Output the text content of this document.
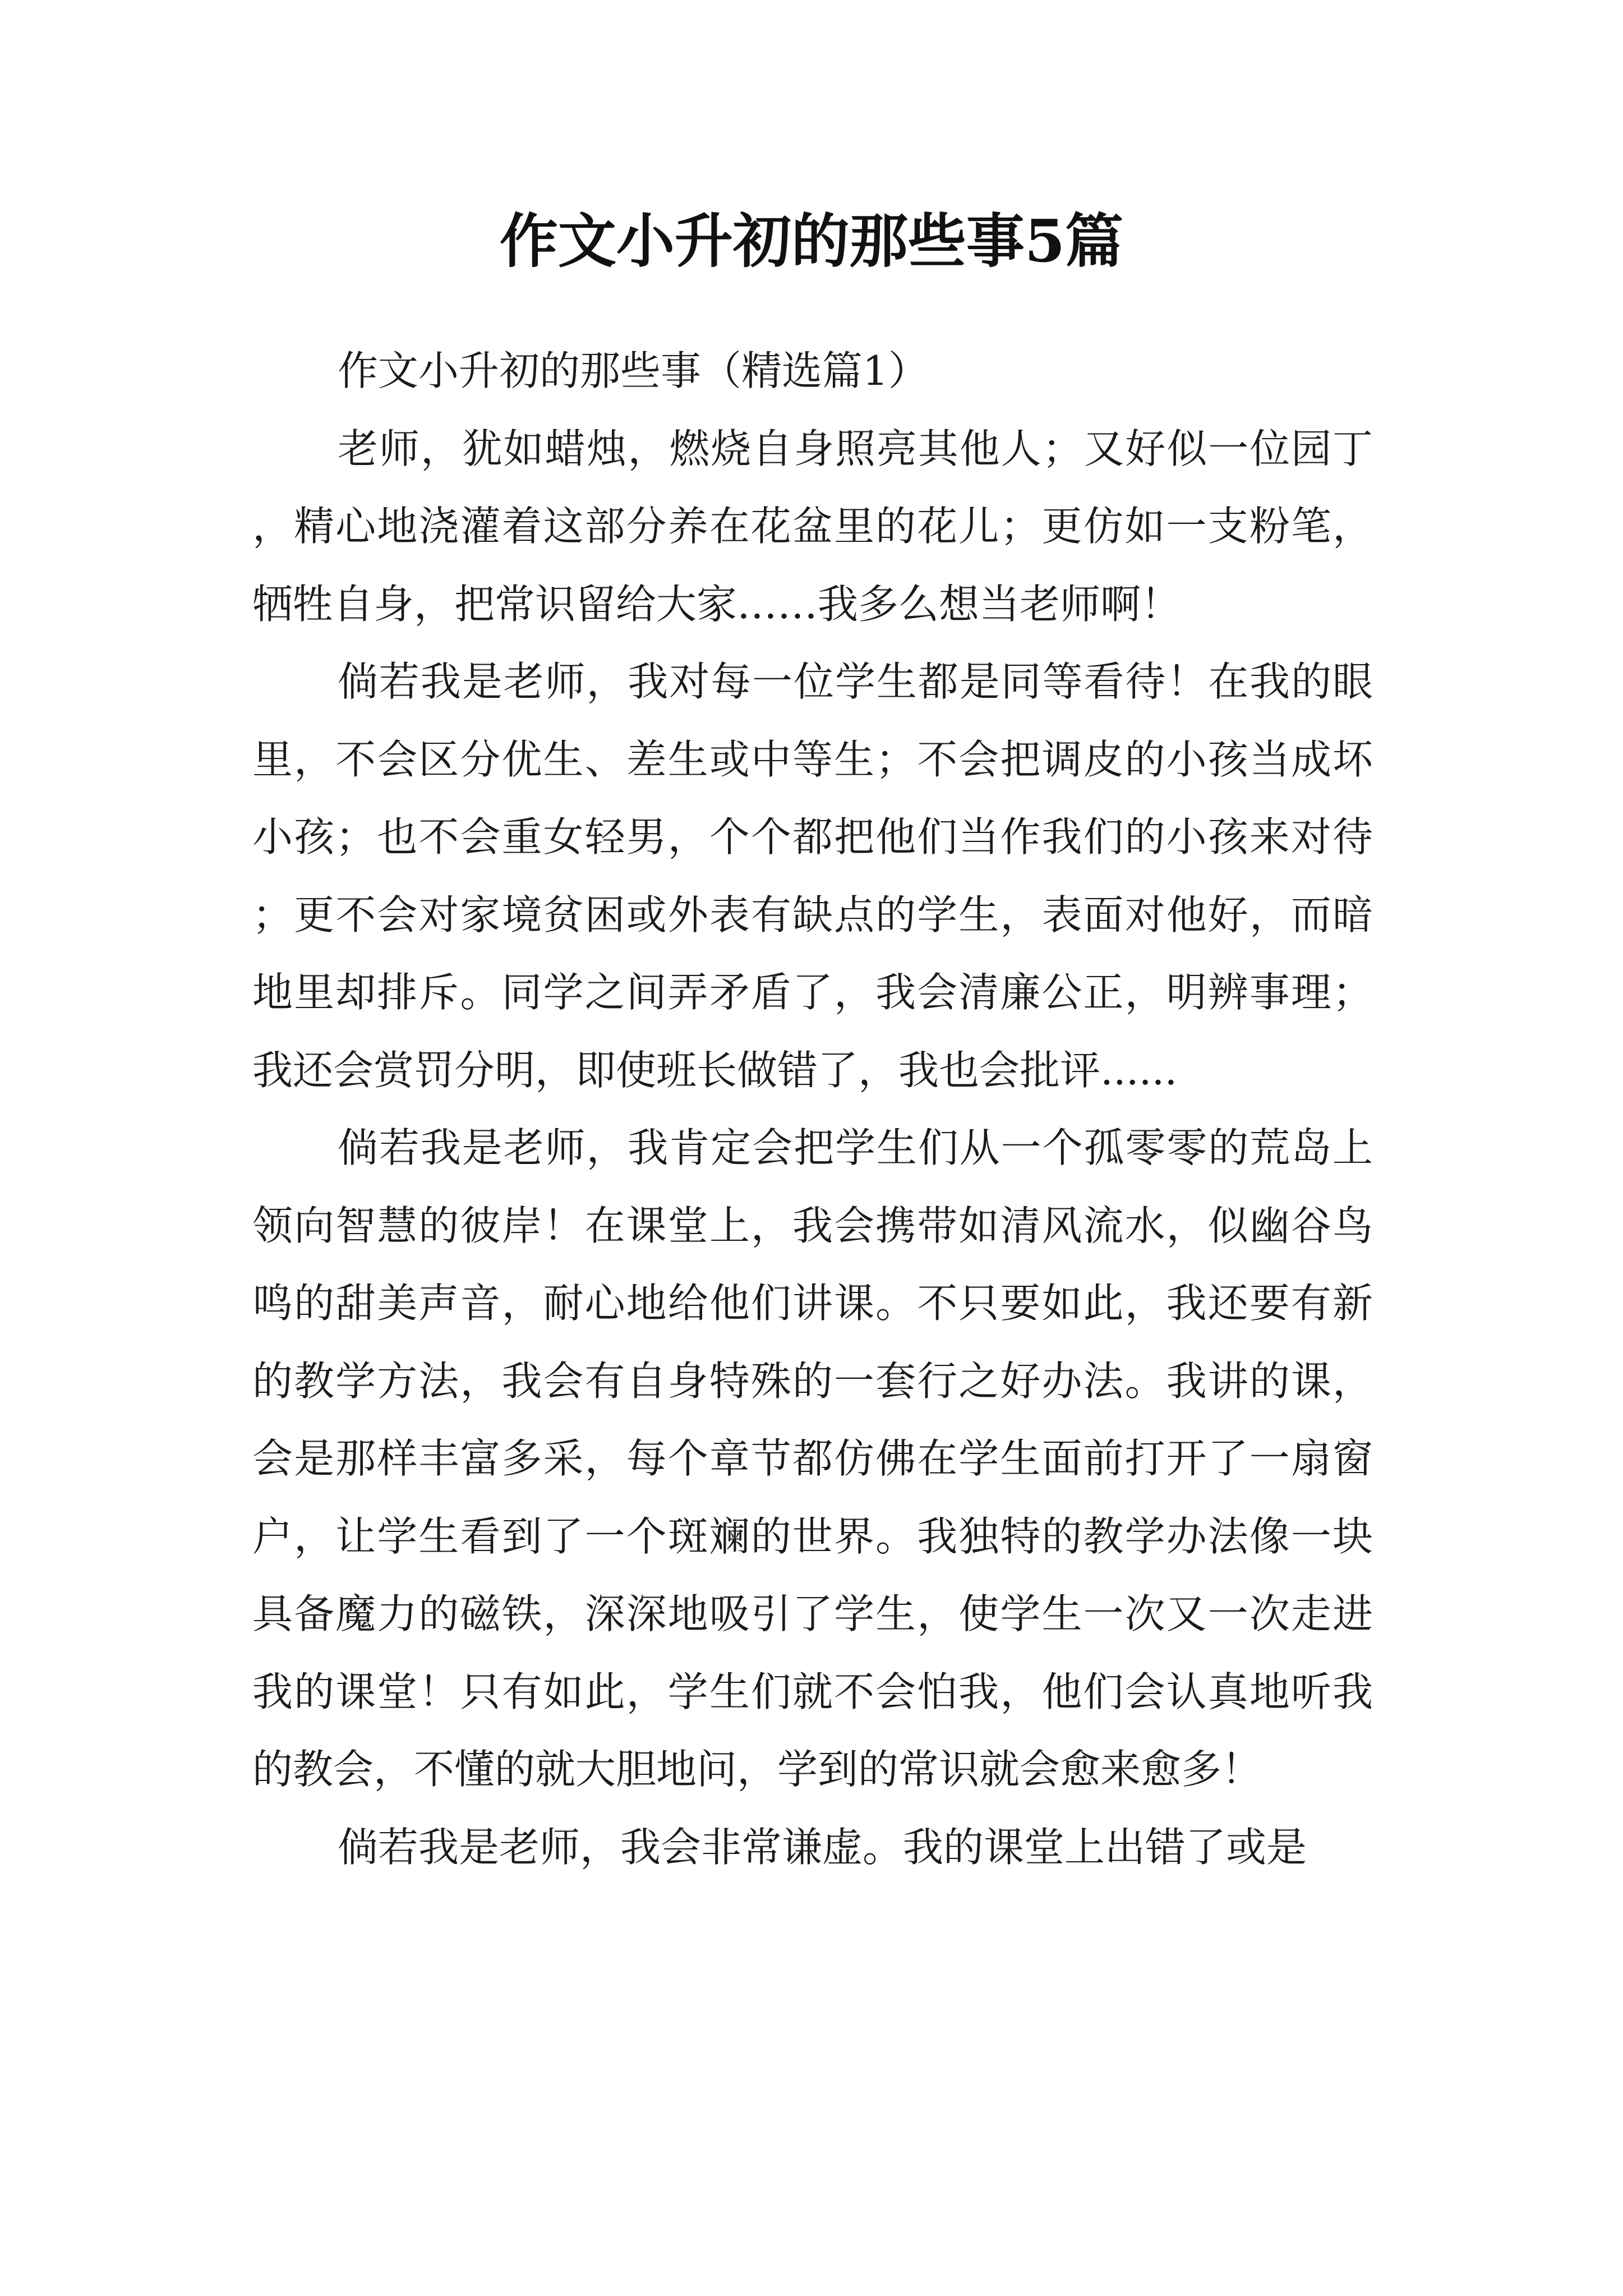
作文小升初的那些事5篇

作文小升初的那些事（精选篇1）

老师，犹如蜡烛，燃烧自身照亮其他人；又好似一位园丁，精心地浇灌着这部分养在花盆里的花儿；更仿如一支粉笔，牺牲自身，把常识留给大家……我多么想当老师啊！

倘若我是老师，我对每一位学生都是同等看待！在我的眼里，不会区分优生、差生或中等生；不会把调皮的小孩当成坏小孩；也不会重女轻男，个个都把他们当作我们的小孩来对待；更不会对家境贫困或外表有缺点的学生，表面对他好，而暗地里却排斥。同学之间弄矛盾了，我会清廉公正，明辨事理；我还会赏罚分明，即使班长做错了，我也会批评......

倘若我是老师，我肯定会把学生们从一个孤零零的荒岛上领向智慧的彼岸！在课堂上，我会携带如清风流水，似幽谷鸟鸣的甜美声音，耐心地给他们讲课。不只要如此，我还要有新的教学方法，我会有自身特殊的一套行之好办法。我讲的课，会是那样丰富多采，每个章节都仿佛在学生面前打开了一扇窗户，让学生看到了一个斑斓的世界。我独特的教学办法像一块具备魔力的磁铁，深深地吸引了学生，使学生一次又一次走进我的课堂！只有如此，学生们就不会怕我，他们会认真地听我的教会，不懂的就大胆地问，学到的常识就会愈来愈多！

倘若我是老师，我会非常谦虚。我的课堂上出错了或是
